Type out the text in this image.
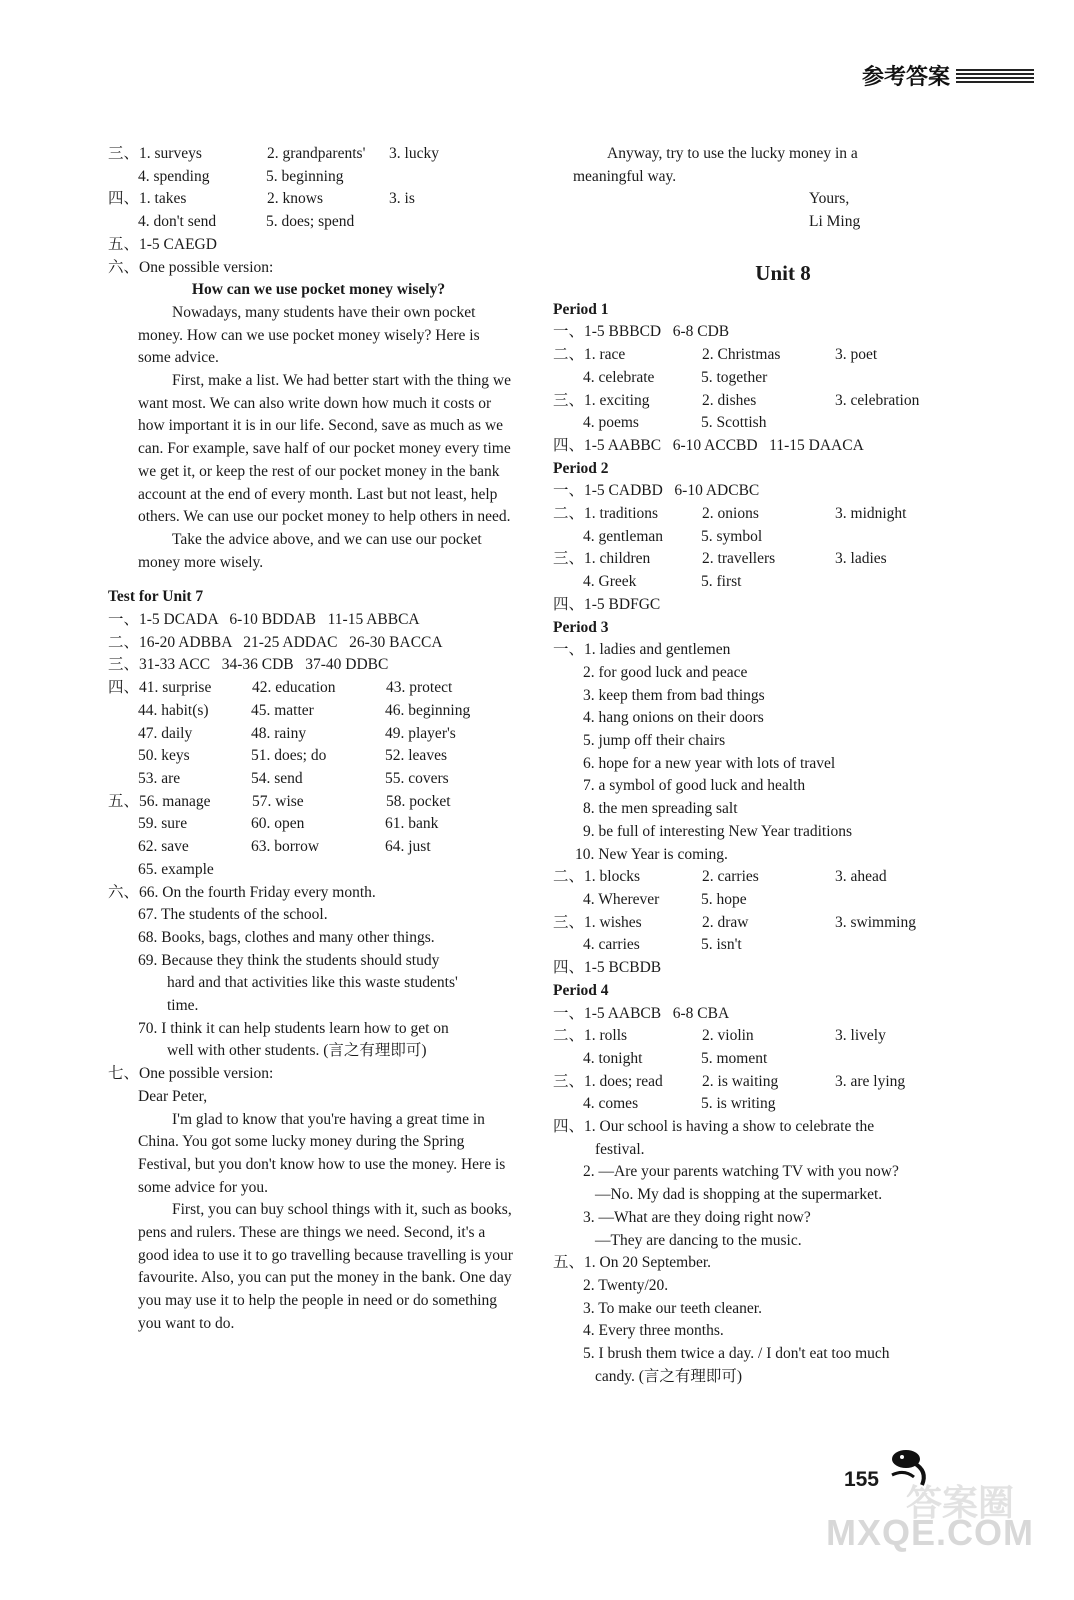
参考答案
三、 1. surveys	2. grandparents'	3. lucky
4. spending	5. beginning
四、 1. takes	2. knows	3. is
4. don't send	5. does; spend
五、 1-5 CAEGD
六、 One possible version:
How can we use pocket money wisely?
Nowadays, many students have their own pocket money. How can we use pocket money wisely? Here is some advice.
First, make a list. We had better start with the thing we want most. We can also write down how much it costs or how important it is in our life. Second, save as much as we can. For example, save half of our pocket money every time we get it, or keep the rest of our pocket money in the bank account at the end of every month. Last but not least, help others. We can use our pocket money to help others in need.
Take the advice above, and we can use our pocket money more wisely.
Test for Unit 7
一、 1-5 DCADA   6-10 BDDAB   11-15 ABBCA
二、 16-20 ADBBA   21-25 ADDAC   26-30 BACCA
三、 31-33 ACC   34-36 CDB   37-40 DDBC
四、 41. surprise	42. education	43. protect
44. habit(s)	45. matter	46. beginning
47. daily	48. rainy	49. player's
50. keys	51. does; do	52. leaves
53. are	54. send	55. covers
五、 56. manage	57. wise	58. pocket
59. sure	60. open	61. bank
62. save	63. borrow	64. just
65. example
六、 66. On the fourth Friday every month.
67. The students of the school.
68. Books, bags, clothes and many other things.
69. Because they think the students should study
hard and that activities like this waste students'
time.
70. I think it can help students learn how to get on
well with other students. (言之有理即可)
七、 One possible version:
Dear Peter,
I'm glad to know that you're having a great time in China. You got some lucky money during the Spring Festival, but you don't know how to use the money. Here is some advice for you.
First, you can buy school things with it, such as books, pens and rulers. These are things we need. Second, it's a good idea to use it to go travelling because travelling is your favourite. Also, you can put the money in the bank. One day you may use it to help the people in need or do something you want to do.
Anyway, try to use the lucky money in a meaningful way.
Yours,
Li Ming
Unit 8
Period 1
一、 1-5 BBBCD   6-8 CDB
二、 1. race	2. Christmas	3. poet
4. celebrate	5. together
三、 1. exciting	2. dishes	3. celebration
4. poems	5. Scottish
四、 1-5 AABBC   6-10 ACCBD   11-15 DAACA
Period 2
一、 1-5 CADBD   6-10 ADCBC
二、 1. traditions	2. onions	3. midnight
4. gentleman	5. symbol
三、 1. children	2. travellers	3. ladies
4. Greek	5. first
四、 1-5 BDFGC
Period 3
一、 1. ladies and gentlemen
2. for good luck and peace
3. keep them from bad things
4. hang onions on their doors
5. jump off their chairs
6. hope for a new year with lots of travel
7. a symbol of good luck and health
8. the men spreading salt
9. be full of interesting New Year traditions
10. New Year is coming.
二、 1. blocks	2. carries	3. ahead
4. Wherever	5. hope
三、 1. wishes	2. draw	3. swimming
4. carries	5. isn't
四、 1-5 BCBDB
Period 4
一、 1-5 AABCB   6-8 CBA
二、 1. rolls	2. violin	3. lively
4. tonight	5. moment
三、 1. does; read	2. is waiting	3. are lying
4. comes	5. is writing
四、 1. Our school is having a show to celebrate the
festival.
2. —Are your parents watching TV with you now?
—No. My dad is shopping at the supermarket.
3. —What are they doing right now?
—They are dancing to the music.
五、 1. On 20 September.
2. Twenty/20.
3. To make our teeth cleaner.
4. Every three months.
5. I brush them twice a day. / I don't eat too much
candy. (言之有理即可)
155
答案圈
MXQE.COM
